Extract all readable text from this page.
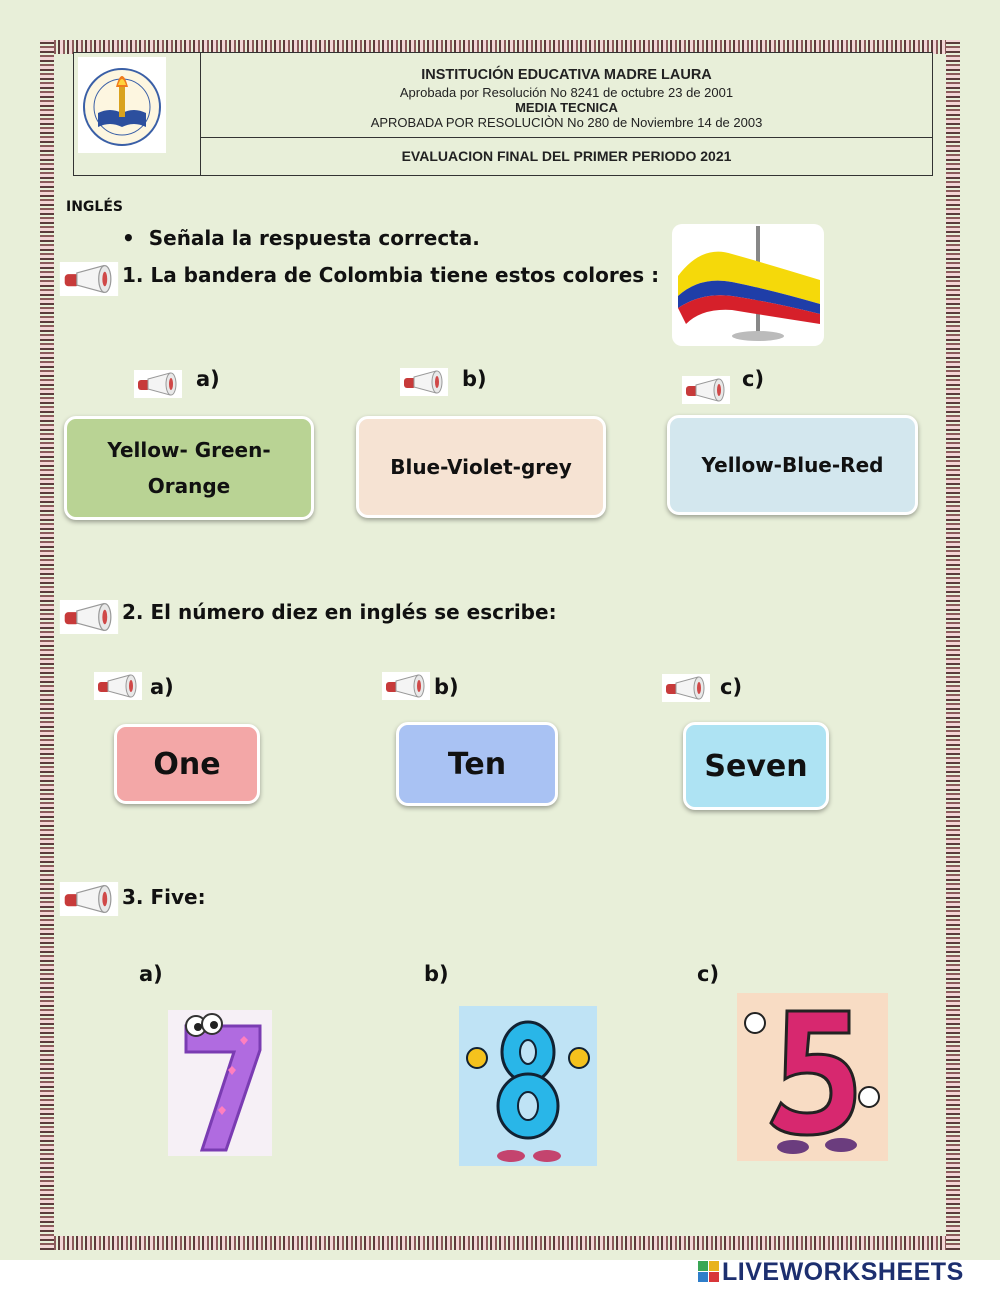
INSTITUCIÓN EDUCATIVA MADRE LAURA
Aprobada por Resolución No 8241 de octubre 23 de 2001
MEDIA TECNICA
APROBADA POR RESOLUCIÒN No 280 de Noviembre 14 de 2003
EVALUACION FINAL DEL PRIMER PERIODO 2021
INGLÉS
•  Señala la respuesta correcta.
1. La bandera de Colombia tiene estos colores :
a)	b)	c)
Yellow- Green-Orange
Blue-Violet-grey	Yellow-Blue-Red
2. El número diez en inglés se escribe:
a)	b)	c)
One	Ten	Seven
3. Five:
a)	b)	c)
LIVEWORKSHEETS
